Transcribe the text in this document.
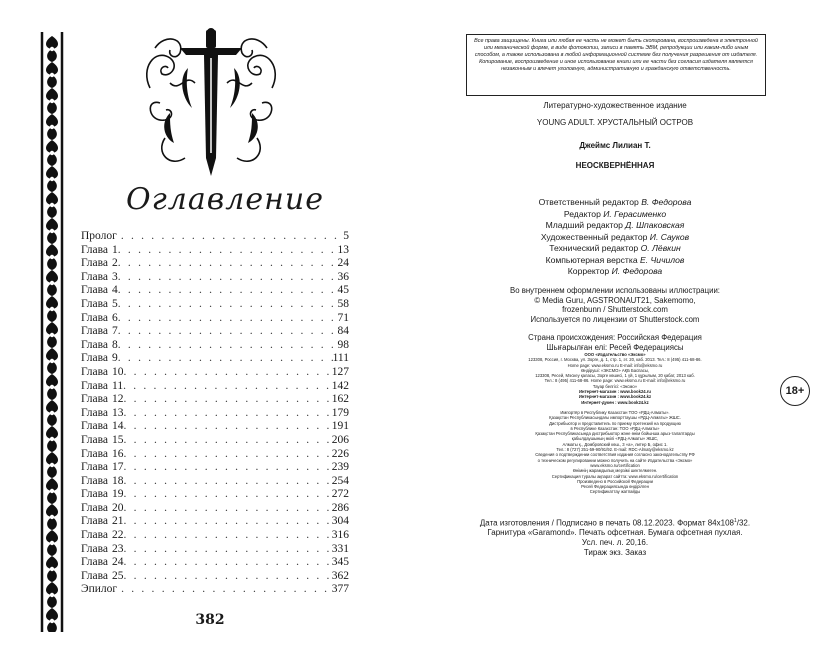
Оглавление
Пролог . . .	5
Глава 1 . . .	13
Глава 2 . . .	24
Глава 3 . . .	36
Глава 4 . . .	45
Глава 5 . . .	58
Глава 6 . . .	71
Глава 7 . . .	84
Глава 8 . . .	98
Глава 9 . . .	111
Глава 10 . . .	127
Глава 11 . . .	142
Глава 12 . . .	162
Глава 13 . . .	179
Глава 14 . . .	191
Глава 15 . . .	206
Глава 16 . . .	226
Глава 17 . . .	239
Глава 18 . . .	254
Глава 19 . . .	272
Глава 20 . . .	286
Глава 21 . . .	304
Глава 22 . . .	316
Глава 23 . . .	331
Глава 24 . . .	345
Глава 25 . . .	362
Эпилог . . .	377
382
Все права защищены. Книга или любая ее часть не может быть скопирована, воспроизведена в электронной или механической форме, в виде фотокопии, записи в память ЭВМ, репродукции или каким-либо иным способом, а также использована в любой информационной системе без получения разрешения от издателя. Копирование, воспроизведение и иное использование книги или ее части без согласия издателя является незаконным и влечет уголовную, административную и гражданскую ответственность.
Литературно-художественное издание
YOUNG ADULT. ХРУСТАЛЬНЫЙ ОСТРОВ
Джеймс Лилиан Т.
НЕОСКВЕРНЁННАЯ
Ответственный редактор В. Федорова
Редактор И. Герасименко
Младший редактор Д. Шпаковская
Художественный редактор И. Сауков
Технический редактор О. Лёвкин
Компьютерная верстка Е. Чичилов
Корректор И. Федорова
Во внутреннем оформлении использованы иллюстрации:
© Media Guru, AGSTRONAUT21, Sakemomo,
frozenbunn / Shutterstock.com
Используется по лицензии от Shutterstock.com
Страна происхождения: Российская Федерация
Шығарылған елі: Ресей Федерациясы
ООО «Издательство «Эксмо»
123308, Россия, г. Москва, ул. Зорге, д. 1, стр. 1, эт. 20, каб. 2013. Тел.: 8 (495) 411-68-86.
Home page: www.eksmo.ru E-mail: info@eksmo.ru
Өндіруші: «ЭКСМО» АҚБ Баспасы,
123308, Ресей, Мәскеу қаласы, Зорге көшесі, 1 үй, 1 құрылым, 20 қабат, 2013 каб.
Тел.: 8 (495) 411-68-86. Home page: www.eksmo.ru E-mail: info@eksmo.ru
Тауар белгісі: «Эксмо»
Интернет-магазин : www.book24.ru
Интернет-магазин : www.book24.kz
Интернет-дүкен : www.book24.kz
Импортёр в Республику Казахстан ТОО «РДЦ-Алматы».
Қазақстан Республикасындағы импорттаушы «РДЦ-Алматы» ЖШС.
Дистрибьютор и представитель по приему претензий на продукцию
в Республике Казахстан: ТОО «РДЦ-Алматы»
Қазақстан Республикасында дистрибьютор және өнім бойынша арыз-талаптарды
қабылдаушының өкілі «РДЦ-Алматы» ЖШС,
Алматы қ., Домбровский көш., 3 «а», литер Б, офис 1.
Тел.: 8 (727) 251-59-90/91/92. E-mail: RDC-Almaty@eksmo.kz
Сведения о подтверждении соответствия издания согласно законодательству РФ
о техническом регулировании можно получить на сайте Издательства «Эксмо»
www.eksmo.ru/certification
Өнімнің жарамдылық мерзімі шектелмеген.
Сертификация туралы ақпарат сайтта: www.eksmo.ru/certification
Произведено в Российской Федерации
Ресей Федерациясында өндірілген
Сертификаттау жатпайды
18+
Дата изготовления / Подписано в печать 08.12.2023. Формат $84x108^1/32$.
Гарнитура «Garamond». Печать офсетная. Бумага офсетная пухлая.
Усл. печ. л. 20,16.
Тираж экз. Заказ
